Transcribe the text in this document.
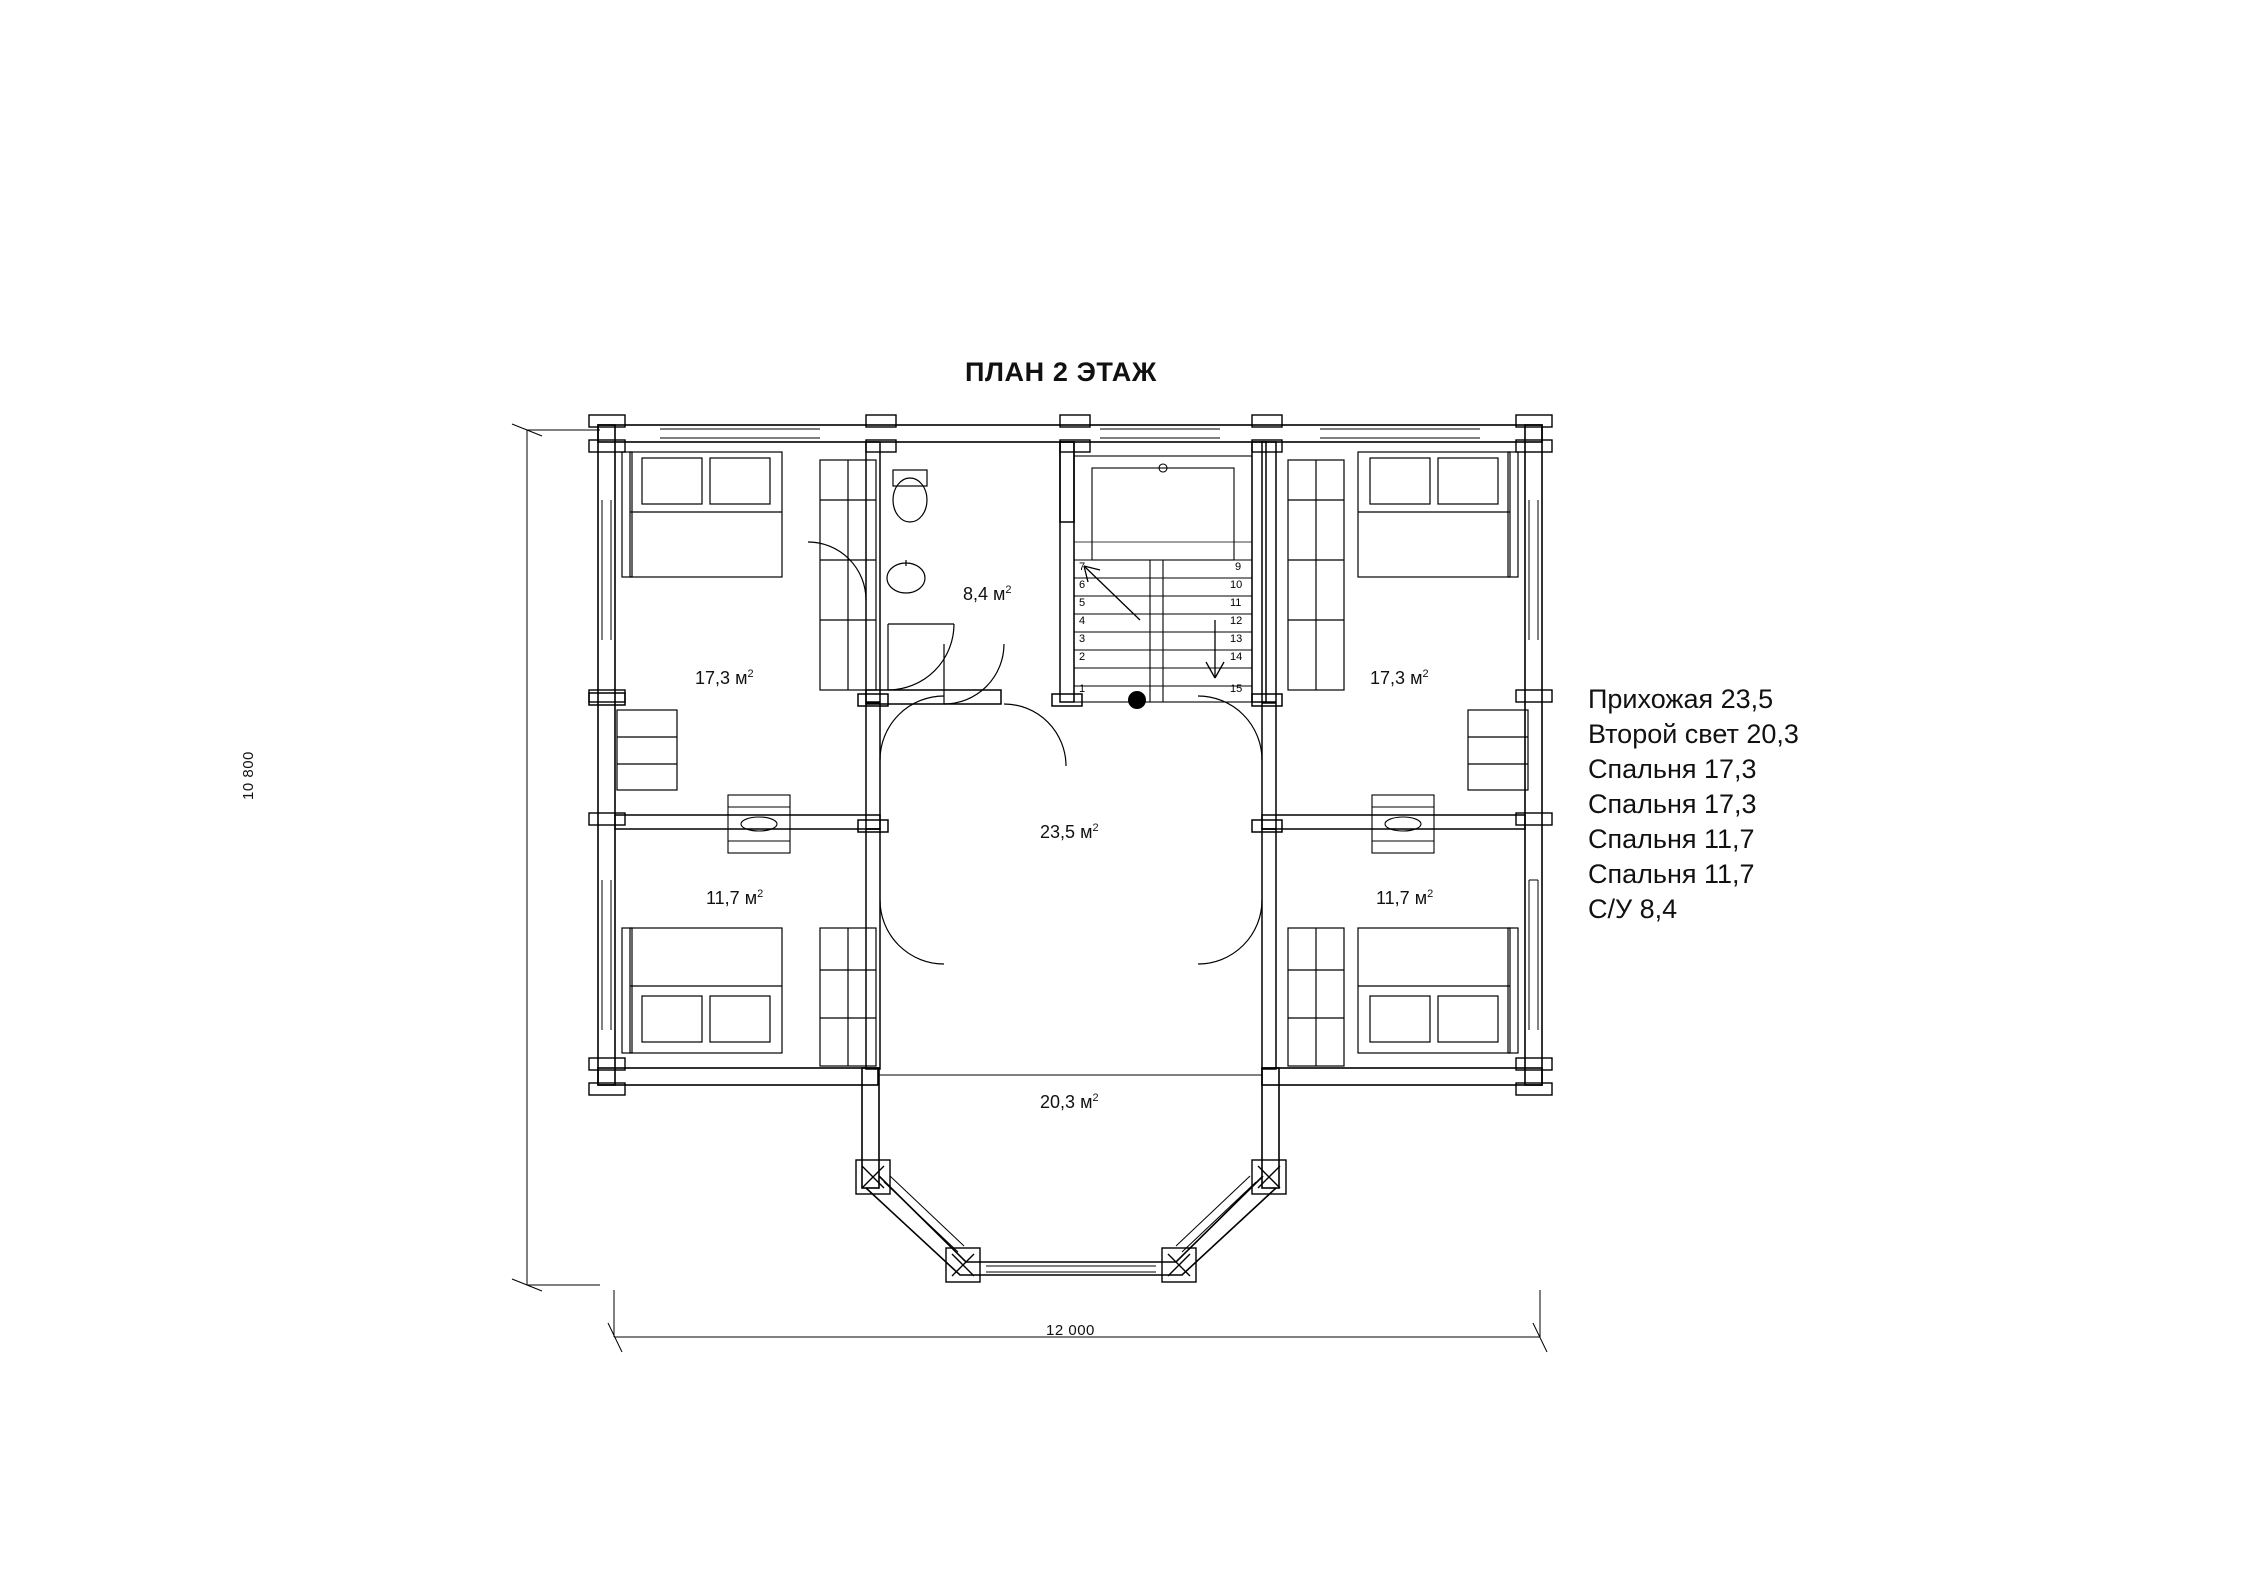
ПЛАН 2 ЭТАЖ
7
6
5
4
3
2
1
9
10
11
12
13
14
15
8,4 $м^2$
17,3 $м^2$	17,3 $м^2$
23,5 $м^2$
11,7 $м^2$	11,7 $м^2$
20,3 $м^2$
12 000
10 800
Прихожая 23,5
Второй свет 20,3
Спальня 17,3
Спальня 17,3
Спальня 11,7
Спальня 11,7
С/У 8,4
